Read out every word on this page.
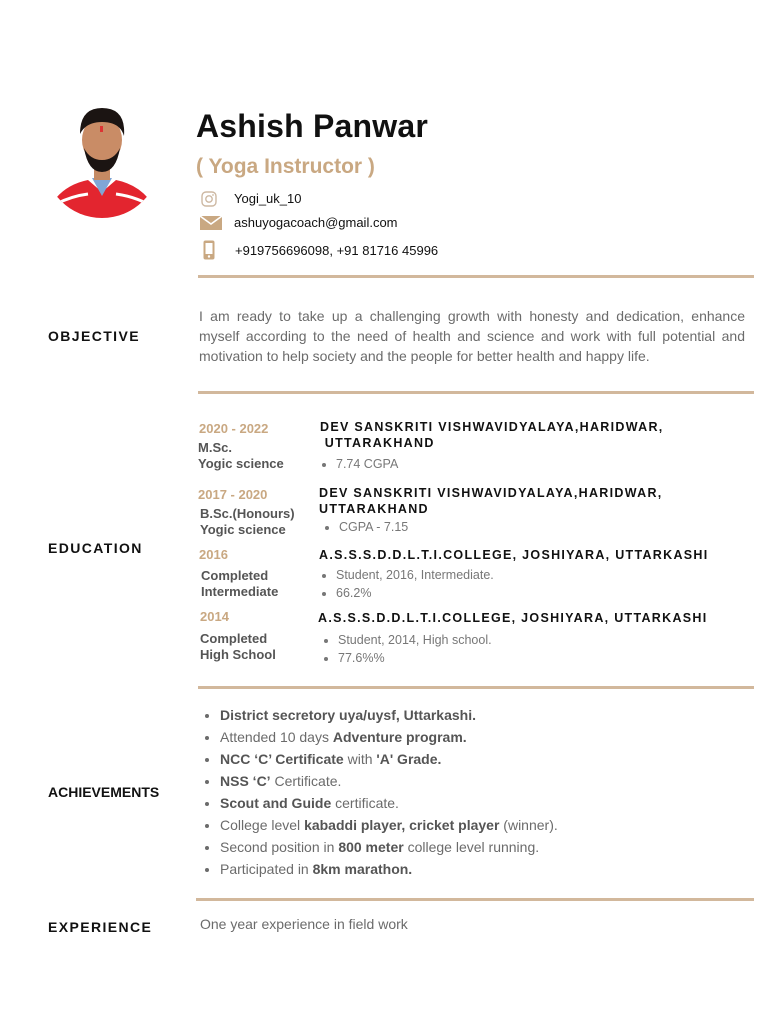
Ashish Panwar
( Yoga Instructor )
Yogi_uk_10
ashuyogacoach@gmail.com
+919756696098, +91 81716 45996
OBJECTIVE
I am ready to take up a challenging growth with honesty and dedication, enhance myself according to the need of health and science and work with full potential and motivation to help society and the people for better health and happy life.
EDUCATION
2020 - 2022
M.Sc.
Yogic science
DEV SANSKRITI VISHWAVIDYALAYA,HARIDWAR,
UTTARAKHAND
• 7.74 CGPA
2017 - 2020
B.Sc.(Honours)
Yogic science
DEV SANSKRITI VISHWAVIDYALAYA,HARIDWAR,
UTTARAKHAND
• CGPA - 7.15
2016
Completed
Intermediate
A.S.S.S.D.D.L.T.I.COLLEGE, JOSHIYARA, UTTARKASHI
• Student, 2016, Intermediate.
• 66.2%
2014
Completed
High School
A.S.S.S.D.D.L.T.I.COLLEGE, JOSHIYARA, UTTARKASHI
• Student, 2014, High school.
• 77.6%%
ACHIEVEMENTS
• District secretory uya/uysf, Uttarkashi.
• Attended 10 days Adventure program.
• NCC ‘C’ Certificate with 'A' Grade.
• NSS ‘C’ Certificate.
• Scout and Guide certificate.
• College level kabaddi player, cricket player (winner).
• Second position in 800 meter college level running.
• Participated in 8km marathon.
EXPERIENCE	One year experience in field work
